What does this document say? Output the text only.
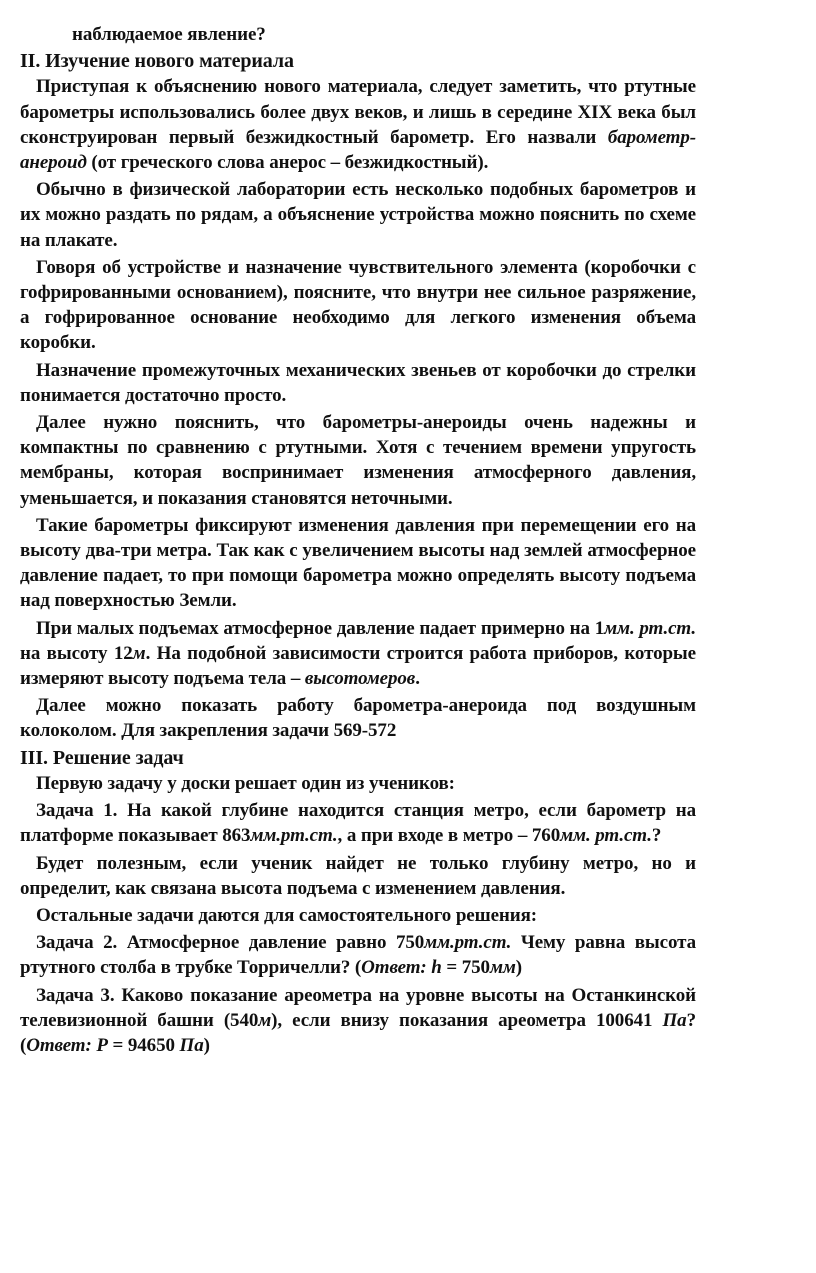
наблюдаемое явление?

II. Изучение нового материала

Приступая к объяснению нового материала, следует заметить, что ртутные барометры использовались более двух веков, и лишь в середине XIX века был сконструирован первый безжидкостный барометр. Его назвали барометр-анероид (от греческого слова анерос – безжидкостный).

Обычно в физической лаборатории есть несколько подобных барометров и их можно раздать по рядам, а объяснение устройства можно пояснить по схеме на плакате.

Говоря об устройстве и назначение чувствительного элемента (коробочки с гофрированными основанием), поясните, что внутри нее сильное разряжение, а гофрированное основание необходимо для легкого изменения объема коробки.

Назначение промежуточных механических звеньев от коробочки до стрелки понимается достаточно просто.

Далее нужно пояснить, что барометры-анероиды очень надежны и компактны по сравнению с ртутными. Хотя с течением времени упругость мембраны, которая воспринимает изменения атмосферного давления, уменьшается, и показания становятся неточными.

Такие барометры фиксируют изменения давления при перемещении его на высоту два-три метра. Так как с увеличением высоты над землей атмосферное давление падает, то при помощи барометра можно определять высоту подъема над поверхностью Земли.

При малых подъемах атмосферное давление падает примерно на 1мм. рт.ст. на высоту 12м. На подобной зависимости строится работа приборов, которые измеряют высоту подъема тела – высотомеров.

Далее можно показать работу барометра-анероида под воздушным колоколом. Для закрепления задачи 569-572

III. Решение задач

Первую задачу у доски решает один из учеников:

Задача 1. На какой глубине находится станция метро, если барометр на платформе показывает 863мм.рт.ст., а при входе в метро – 760мм. рт.ст.?

Будет полезным, если ученик найдет не только глубину метро, но и определит, как связана высота подъема с изменением давления.

Остальные задачи даются для самостоятельного решения:

Задача 2. Атмосферное давление равно 750мм.рт.ст. Чему равна высота ртутного столба в трубке Торричелли? (Ответ: h = 750мм)

Задача 3. Каково показание ареометра на уровне высоты на Останкинской телевизионной башни (540м), если внизу показания ареометра 100641 Па? (Ответ: P = 94650 Па)
